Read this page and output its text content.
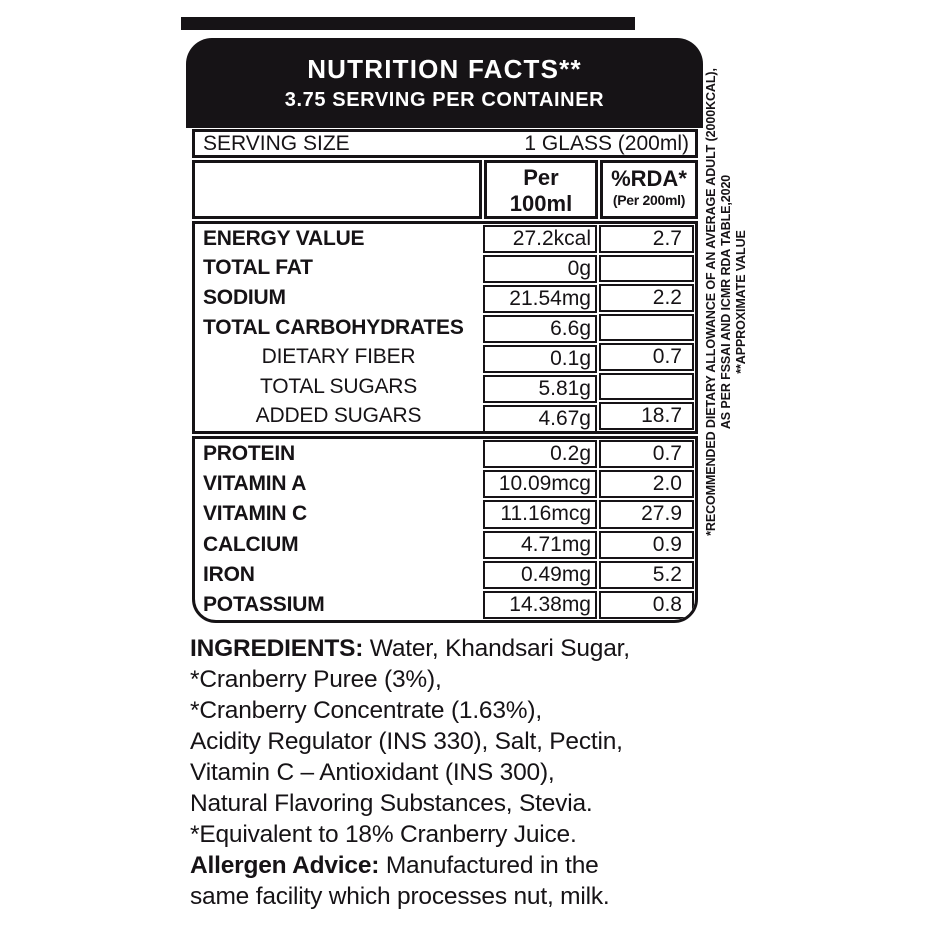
NUTRITION FACTS**
3.75 SERVING PER CONTAINER
SERVING SIZE	1 GLASS (200ml)
Per
100ml
%RDA*
(Per 200ml)
ENERGY VALUE
TOTAL FAT
SODIUM
TOTAL CARBOHYDRATES
DIETARY FIBER
TOTAL SUGARS
ADDED SUGARS
27.2kcal
0g
21.54mg
6.6g
0.1g
5.81g
4.67g
2.7
2.2
0.7
18.7
PROTEIN
VITAMIN A
VITAMIN C
CALCIUM
IRON
POTASSIUM
0.2g
10.09mcg
11.16mcg
4.71mg
0.49mg
14.38mg
0.7
2.0
27.9
0.9
5.2
0.8
*RECOMMENDED DIETARY ALLOWANCE OF AN AVERAGE ADULT (2000KCAL), AS PER FSSAI AND ICMR RDA TABLE,2020 **APPROXIMATE VALUE
INGREDIENTS: Water, Khandsari Sugar,
*Cranberry Puree (3%),
*Cranberry Concentrate (1.63%),
Acidity Regulator (INS 330), Salt, Pectin,
Vitamin C – Antioxidant (INS 300),
Natural Flavoring Substances, Stevia.
*Equivalent to 18% Cranberry Juice.
Allergen Advice: Manufactured in the
same facility which processes nut, milk.
